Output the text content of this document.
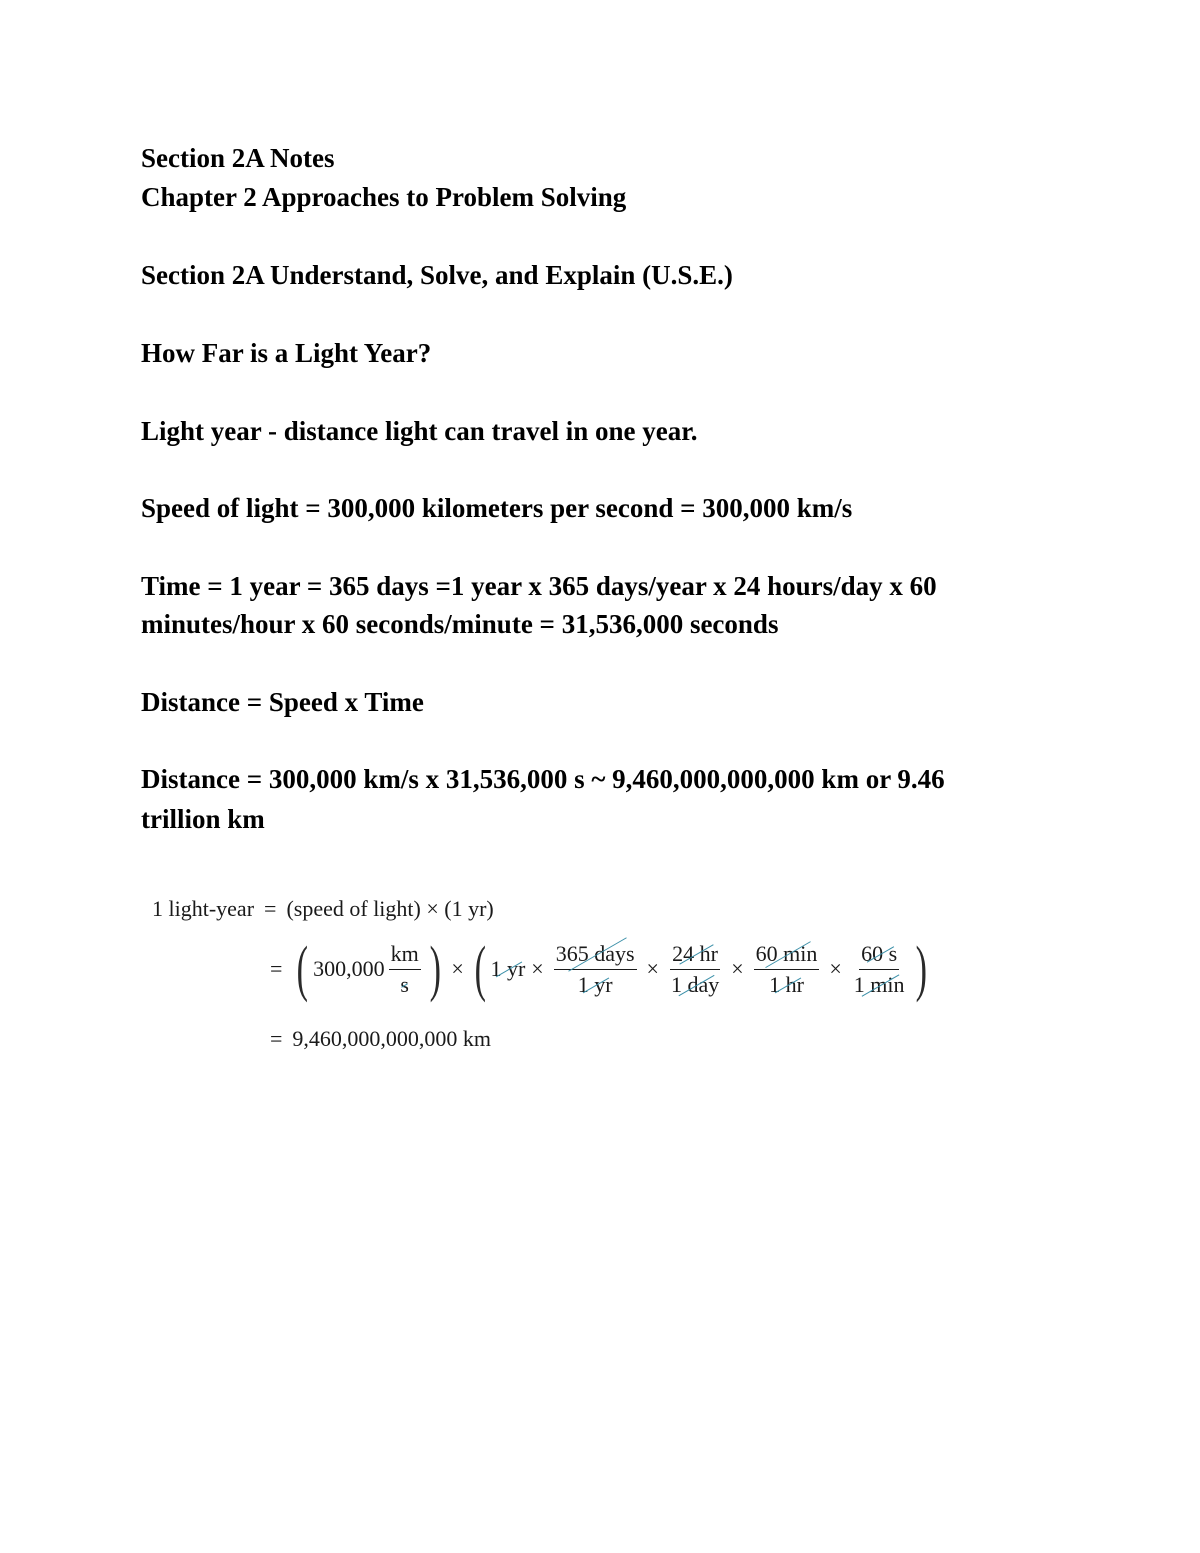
Section 2A Notes
Chapter 2 Approaches to Problem Solving
Section 2A Understand, Solve, and Explain (U.S.E.)
How Far is a Light Year?
Light year - distance light can travel in one year.
Speed of light = 300,000 kilometers per second = 300,000 km/s
Time = 1 year = 365 days =1 year x 365 days/year x 24 hours/day x 60
minutes/hour x 60 seconds/minute = 31,536,000 seconds
Distance = Speed x Time
Distance = 300,000 km/s x 31,536,000 s ~ 9,460,000,000,000 km or 9.46
trillion km
1 light-year = (speed of light) × (1 yr)
= ( $300,000 \frac{km}{s}$ ) × ( 1 yr × $\frac{\text{365 days}}{1 yr} \times \frac{24 hr}{\text{1 day}} \times \frac{60 \min}{1 hr} \times \frac{60 s}{1 \min}$ )
= 9,460,000,000,000 km
